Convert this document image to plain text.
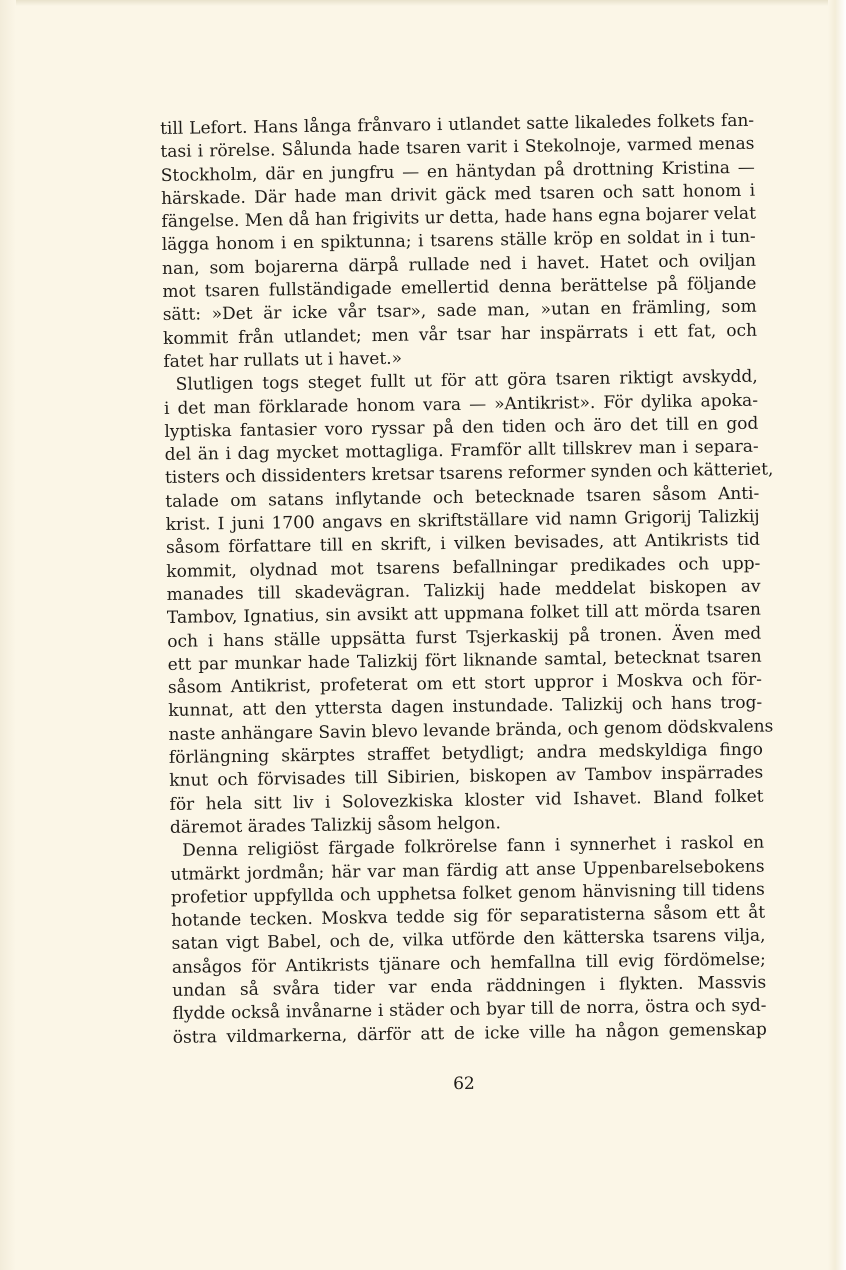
till Lefort. Hans långa frånvaro i utlandet satte likaledes folkets fan-
tasi i rörelse. Sålunda hade tsaren varit i Stekolnoje, varmed menas
Stockholm, där en jungfru — en häntydan på drottning Kristina —
härskade. Där hade man drivit gäck med tsaren och satt honom i
fängelse. Men då han frigivits ur detta, hade hans egna bojarer velat
lägga honom i en spiktunna; i tsarens ställe kröp en soldat in i tun-
nan, som bojarerna därpå rullade ned i havet. Hatet och oviljan
mot tsaren fullständigade emellertid denna berättelse på följande
sätt: »Det är icke vår tsar», sade man, »utan en främling, som
kommit från utlandet; men vår tsar har inspärrats i ett fat, och
fatet har rullats ut i havet.»
Slutligen togs steget fullt ut för att göra tsaren riktigt avskydd,
i det man förklarade honom vara — »Antikrist». För dylika apoka-
lyptiska fantasier voro ryssar på den tiden och äro det till en god
del än i dag mycket mottagliga. Framför allt tillskrev man i separa-
tisters och dissidenters kretsar tsarens reformer synden och kätteriet,
talade om satans inflytande och betecknade tsaren såsom Anti-
krist. I juni 1700 angavs en skriftställare vid namn Grigorij Talizkij
såsom författare till en skrift, i vilken bevisades, att Antikrists tid
kommit, olydnad mot tsarens befallningar predikades och upp-
manades till skadevägran. Talizkij hade meddelat biskopen av
Tambov, Ignatius, sin avsikt att uppmana folket till att mörda tsaren
och i hans ställe uppsätta furst Tsjerkaskij på tronen. Även med
ett par munkar hade Talizkij fört liknande samtal, betecknat tsaren
såsom Antikrist, profeterat om ett stort uppror i Moskva och för-
kunnat, att den yttersta dagen instundade. Talizkij och hans trog-
naste anhängare Savin blevo levande brända, och genom dödskvalens
förlängning skärptes straffet betydligt; andra medskyldiga fingo
knut och förvisades till Sibirien, biskopen av Tambov inspärrades
för hela sitt liv i Solovezkiska kloster vid Ishavet. Bland folket
däremot ärades Talizkij såsom helgon.
Denna religiöst färgade folkrörelse fann i synnerhet i raskol en
utmärkt jordmån; här var man färdig att anse Uppenbarelsebokens
profetior uppfyllda och upphetsa folket genom hänvisning till tidens
hotande tecken. Moskva tedde sig för separatisterna såsom ett åt
satan vigt Babel, och de, vilka utförde den kätterska tsarens vilja,
ansågos för Antikrists tjänare och hemfallna till evig fördömelse;
undan så svåra tider var enda räddningen i flykten. Massvis
flydde också invånarne i städer och byar till de norra, östra och syd-
östra vildmarkerna, därför att de icke ville ha någon gemenskap
62
